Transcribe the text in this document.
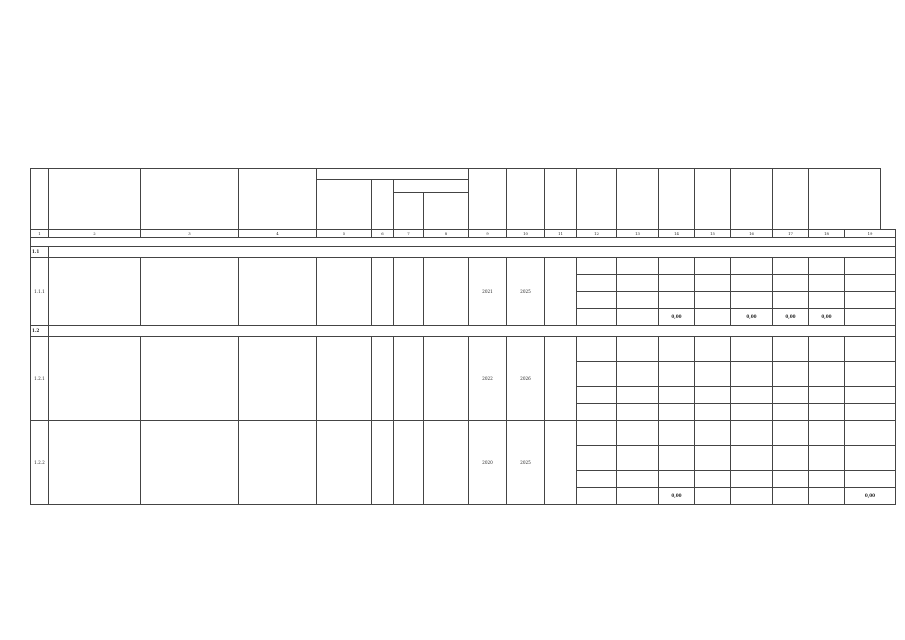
1	2	3	4	5	6	7	8	9	10	11	12	13	14	15	16	17	18	19

1.1																		
1.1.1								2021	2025									

													0,00		0,00	0,00	0,00	
1.2																		
1.2.1								2022	2026									

1.2.2								2020	2025									

													0,00					0,00
